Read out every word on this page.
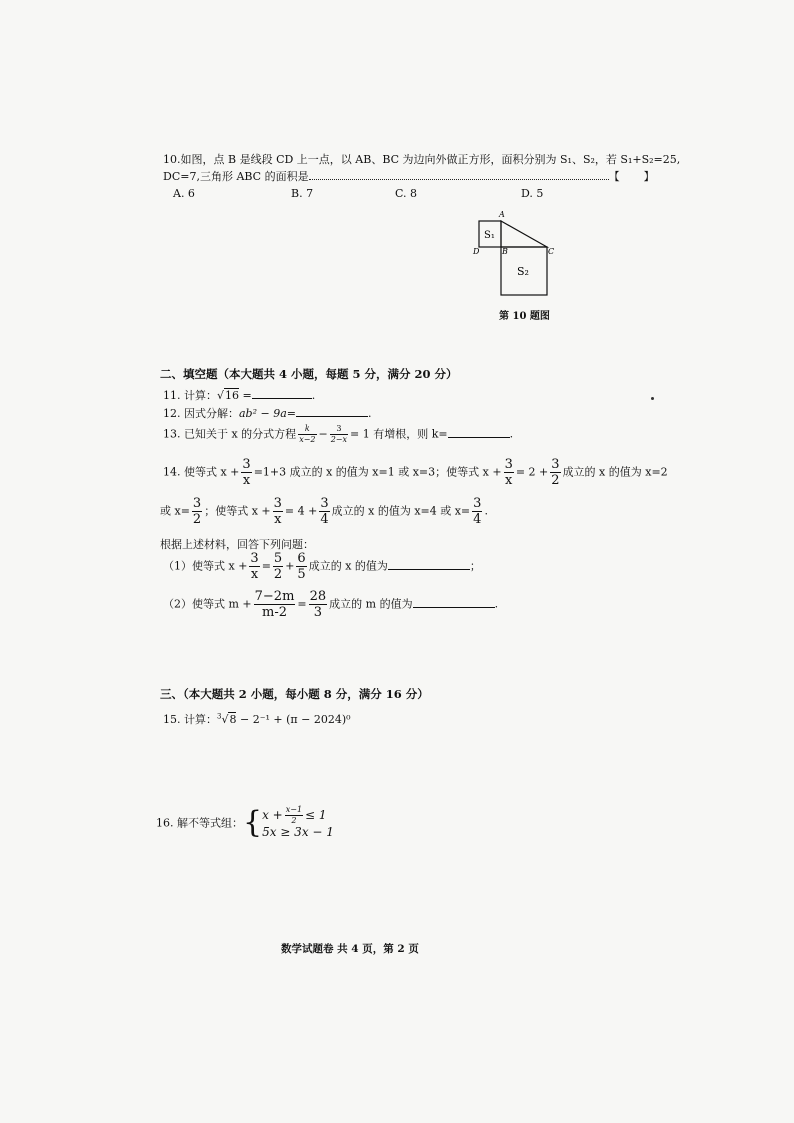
10.如图，点 B 是线段 CD 上一点，以 AB、BC 为边向外做正方形，面积分别为 S₁、S₂，若 S₁+S₂=25,
DC=7,三角形 ABC 的面积是	【 】
A. 6	B. 7	C. 8	D. 5
A
B	C
D
S₁
S₂
第 10 题图
二、填空题（本大题共 4 小题，每题 5 分，满分 20 分）
11. 计算：√16 =	.
12. 因式分解：ab² − 9a=	.
13. 已知关于 x 的分式方程 $\frac{k}{x-2} - \frac{3}{2-x} = 1$ 有增根，则 k=	.
14. 使等式 $x + \frac{3}{x} =1+3$ 成立的 x 的值为 x=1 或 x=3；使等式 $x + \frac{3}{x} = 2 + \frac{3}{2}$ 成立的 x 的值为 x=2
或 $x= \frac{3}{2}$ ；使等式 $x + \frac{3}{x} = 4 + \frac{3}{4}$ 成立的 x 的值为 x=4 或 $x= \frac{3}{4}$ .
根据上述材料，回答下列问题：
（1）使等式 $x + \frac{3}{x} = \frac{5}{2} + \frac{6}{5}$ 成立的 x 的值为	；
（2）使等式 $m + \frac{7-2m}{m-2} = \frac{28}{3}$ 成立的 m 的值为	.
三、（本大题共 2 小题，每小题 8 分，满分 16 分）
15. 计算：$^3$√8 − 2⁻¹ + (π − 2024)⁰
16. 解不等式组：{ $x + \frac{x-1}{2} \le 1$
5x ≥ 3x − 1
数学试题卷 共 4 页，第 2 页
